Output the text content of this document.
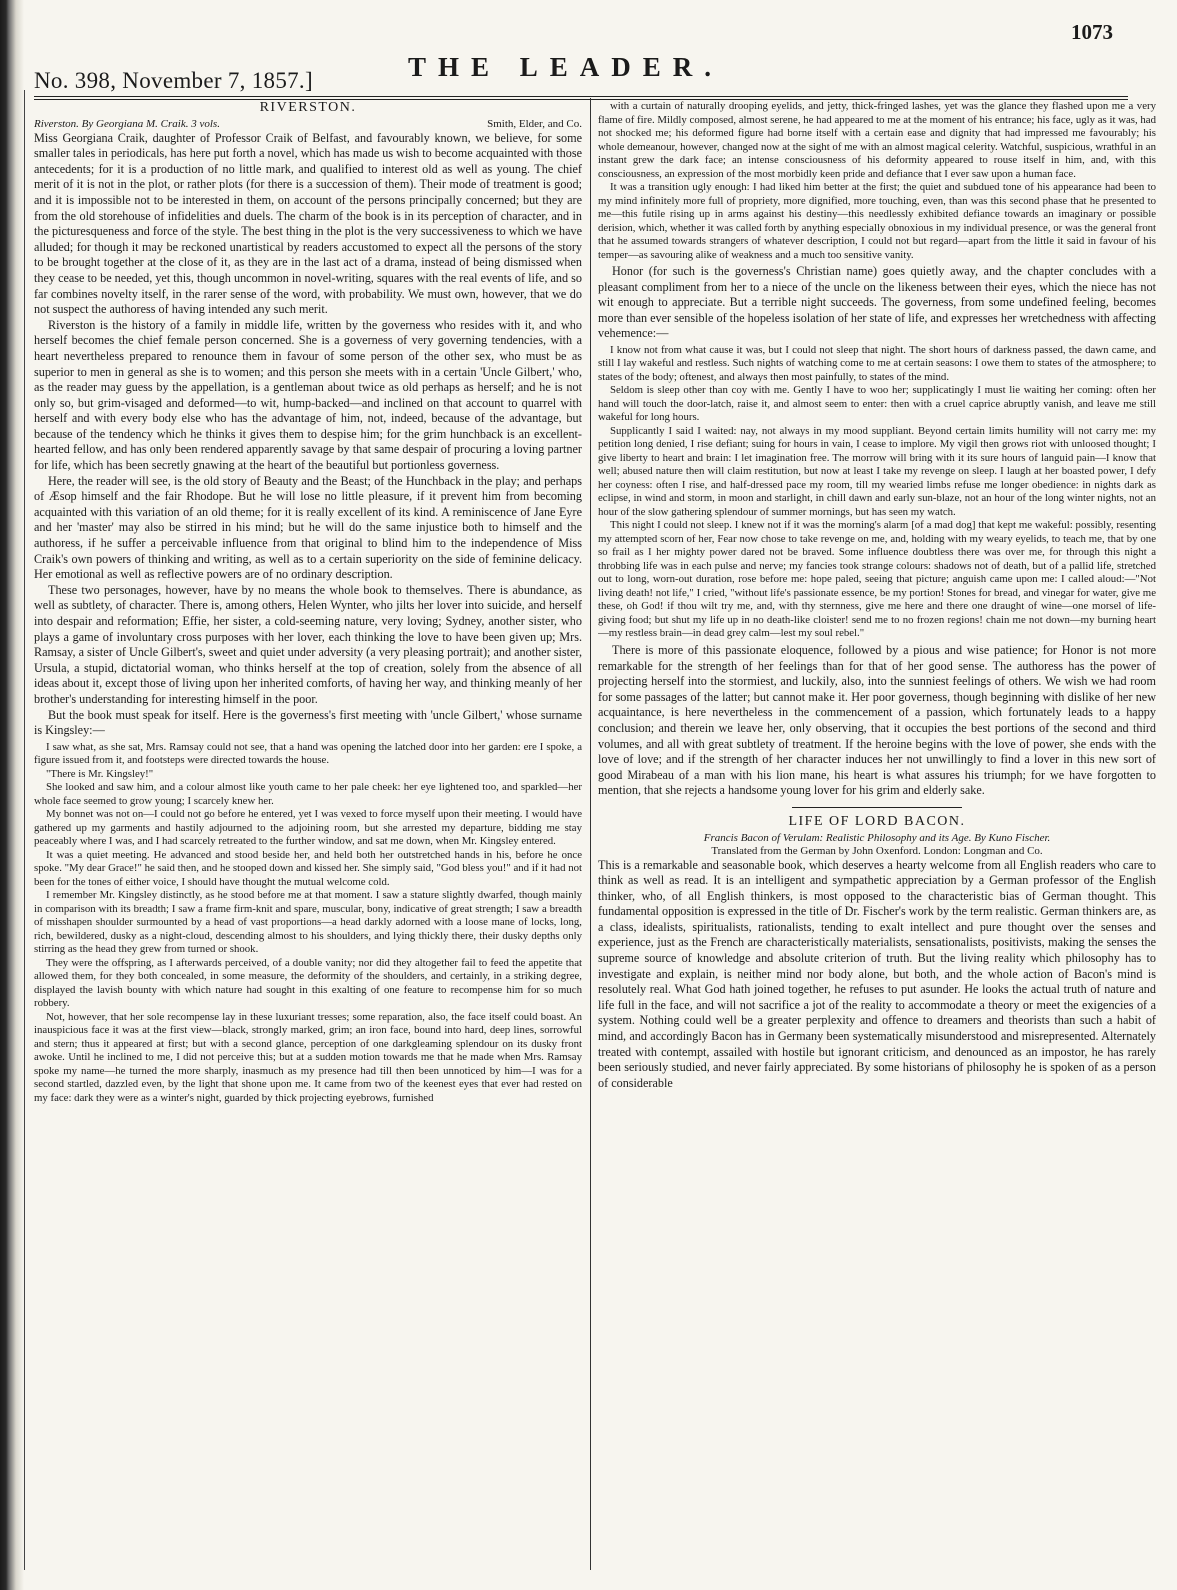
No. 398, November 7, 1857.]	THE LEADER.
1073
RIVERSTON.
Smith, Elder, and Co.
Riverston. By Georgiana M. Craik. 3 vols.

Miss Georgiana Craik, daughter of Professor Craik of Belfast, and favourably known, we believe, for some smaller tales in periodicals, has here put forth a novel, which has made us wish to become acquainted with those antecedents; for it is a production of no little mark, and qualified to interest old as well as young. The chief merit of it is not in the plot, or rather plots (for there is a succession of them). Their mode of treatment is good; and it is impossible not to be interested in them, on account of the persons principally concerned; but they are from the old storehouse of infidelities and duels. The charm of the book is in its perception of character, and in the picturesqueness and force of the style. The best thing in the plot is the very successiveness to which we have alluded; for though it may be reckoned unartistical by readers accustomed to expect all the persons of the story to be brought together at the close of it, as they are in the last act of a drama, instead of being dismissed when they cease to be needed, yet this, though uncommon in novel-writing, squares with the real events of life, and so far combines novelty itself, in the rarer sense of the word, with probability. We must own, however, that we do not suspect the authoress of having intended any such merit.

Riverston is the history of a family in middle life, written by the governess who resides with it, and who herself becomes the chief female person concerned. She is a governess of very governing tendencies, with a heart nevertheless prepared to renounce them in favour of some person of the other sex, who must be as superior to men in general as she is to women; and this person she meets with in a certain 'Uncle Gilbert,' who, as the reader may guess by the appellation, is a gentleman about twice as old perhaps as herself; and he is not only so, but grim-visaged and deformed—to wit, hump-backed—and inclined on that account to quarrel with herself and with every body else who has the advantage of him, not, indeed, because of the advantage, but because of the tendency which he thinks it gives them to despise him; for the grim hunchback is an excellent-hearted fellow, and has only been rendered apparently savage by that same despair of procuring a loving partner for life, which has been secretly gnawing at the heart of the beautiful but portionless governess.

Here, the reader will see, is the old story of Beauty and the Beast; of the Hunchback in the play; and perhaps of Æsop himself and the fair Rhodope. But he will lose no little pleasure, if it prevent him from becoming acquainted with this variation of an old theme; for it is really excellent of its kind. A reminiscence of Jane Eyre and her 'master' may also be stirred in his mind; but he will do the same injustice both to himself and the authoress, if he suffer a perceivable influence from that original to blind him to the independence of Miss Craik's own powers of thinking and writing, as well as to a certain superiority on the side of feminine delicacy. Her emotional as well as reflective powers are of no ordinary description.

These two personages, however, have by no means the whole book to themselves. There is abundance, as well as subtlety, of character. There is, among others, Helen Wynter, who jilts her lover into suicide, and herself into despair and reformation; Effie, her sister, a cold-seeming nature, very loving; Sydney, another sister, who plays a game of involuntary cross purposes with her lover, each thinking the love to have been given up; Mrs. Ramsay, a sister of Uncle Gilbert's, sweet and quiet under adversity (a very pleasing portrait); and another sister, Ursula, a stupid, dictatorial woman, who thinks herself at the top of creation, solely from the absence of all ideas about it, except those of living upon her inherited comforts, of having her way, and thinking meanly of her brother's understanding for interesting himself in the poor.

But the book must speak for itself. Here is the governess's first meeting with 'uncle Gilbert,' whose surname is Kingsley:—

I saw what, as she sat, Mrs. Ramsay could not see, that a hand was opening the latched door into her garden: ere I spoke, a figure issued from it, and footsteps were directed towards the house.

"There is Mr. Kingsley!"

She looked and saw him, and a colour almost like youth came to her pale cheek: her eye lightened too, and sparkled—her whole face seemed to grow young; I scarcely knew her.

My bonnet was not on—I could not go before he entered, yet I was vexed to force myself upon their meeting. I would have gathered up my garments and hastily adjourned to the adjoining room, but she arrested my departure, bidding me stay peaceably where I was, and I had scarcely retreated to the further window, and sat me down, when Mr. Kingsley entered.

It was a quiet meeting. He advanced and stood beside her, and held both her outstretched hands in his, before he once spoke. "My dear Grace!" he said then, and he stooped down and kissed her. She simply said, "God bless you!" and if it had not been for the tones of either voice, I should have thought the mutual welcome cold.

I remember Mr. Kingsley distinctly, as he stood before me at that moment. I saw a stature slightly dwarfed, though mainly in comparison with its breadth; I saw a frame firm-knit and spare, muscular, bony, indicative of great strength; I saw a breadth of misshapen shoulder surmounted by a head of vast proportions—a head darkly adorned with a loose mane of locks, long, rich, bewildered, dusky as a night-cloud, descending almost to his shoulders, and lying thickly there, their dusky depths only stirring as the head they grew from turned or shook.

They were the offspring, as I afterwards perceived, of a double vanity; nor did they altogether fail to feed the appetite that allowed them, for they both concealed, in some measure, the deformity of the shoulders, and certainly, in a striking degree, displayed the lavish bounty with which nature had sought in this exalting of one feature to recompense him for so much robbery.

Not, however, that her sole recompense lay in these luxuriant tresses; some reparation, also, the face itself could boast. An inauspicious face it was at the first view—black, strongly marked, grim; an iron face, bound into hard, deep lines, sorrowful and stern; thus it appeared at first; but with a second glance, perception of one darkgleaming splendour on its dusky front awoke. Until he inclined to me, I did not perceive this; but at a sudden motion towards me that he made when Mrs. Ramsay spoke my name—he turned the more sharply, inasmuch as my presence had till then been unnoticed by him—I was for a second startled, dazzled even, by the light that shone upon me. It came from two of the keenest eyes that ever had rested on my face: dark they were as a winter's night, guarded by thick projecting eyebrows, furnished

with a curtain of naturally drooping eyelids, and jetty, thick-fringed lashes, yet was the glance they flashed upon me a very flame of fire. Mildly composed, almost serene, he had appeared to me at the moment of his entrance; his face, ugly as it was, had not shocked me; his deformed figure had borne itself with a certain ease and dignity that had impressed me favourably; his whole demeanour, however, changed now at the sight of me with an almost magical celerity. Watchful, suspicious, wrathful in an instant grew the dark face; an intense consciousness of his deformity appeared to rouse itself in him, and, with this consciousness, an expression of the most morbidly keen pride and defiance that I ever saw upon a human face.

It was a transition ugly enough: I had liked him better at the first; the quiet and subdued tone of his appearance had been to my mind infinitely more full of propriety, more dignified, more touching, even, than was this second phase that he presented to me—this futile rising up in arms against his destiny—this needlessly exhibited defiance towards an imaginary or possible derision, which, whether it was called forth by anything especially obnoxious in my individual presence, or was the general front that he assumed towards strangers of whatever description, I could not but regard—apart from the little it said in favour of his temper—as savouring alike of weakness and a much too sensitive vanity.

Honor (for such is the governess's Christian name) goes quietly away, and the chapter concludes with a pleasant compliment from her to a niece of the uncle on the likeness between their eyes, which the niece has not wit enough to appreciate. But a terrible night succeeds. The governess, from some undefined feeling, becomes more than ever sensible of the hopeless isolation of her state of life, and expresses her wretchedness with affecting vehemence:—

I know not from what cause it was, but I could not sleep that night. The short hours of darkness passed, the dawn came, and still I lay wakeful and restless. Such nights of watching come to me at certain seasons: I owe them to states of the atmosphere; to states of the body; oftenest, and always then most painfully, to states of the mind.

Seldom is sleep other than coy with me. Gently I have to woo her; supplicatingly I must lie waiting her coming: often her hand will touch the door-latch, raise it, and almost seem to enter: then with a cruel caprice abruptly vanish, and leave me still wakeful for long hours.

Supplicantly I said I waited: nay, not always in my mood suppliant. Beyond certain limits humility will not carry me: my petition long denied, I rise defiant; suing for hours in vain, I cease to implore. My vigil then grows riot with unloosed thought; I give liberty to heart and brain: I let imagination free. The morrow will bring with it its sure hours of languid pain—I know that well; abused nature then will claim restitution, but now at least I take my revenge on sleep. I laugh at her boasted power, I defy her coyness: often I rise, and half-dressed pace my room, till my wearied limbs refuse me longer obedience: in nights dark as eclipse, in wind and storm, in moon and starlight, in chill dawn and early sun-blaze, not an hour of the long winter nights, not an hour of the slow gathering splendour of summer mornings, but has seen my watch.

This night I could not sleep. I knew not if it was the morning's alarm [of a mad dog] that kept me wakeful: possibly, resenting my attempted scorn of her, Fear now chose to take revenge on me, and, holding with my weary eyelids, to teach me, that by one so frail as I her mighty power dared not be braved. Some influence doubtless there was over me, for through this night a throbbing life was in each pulse and nerve; my fancies took strange colours: shadows not of death, but of a pallid life, stretched out to long, worn-out duration, rose before me: hope paled, seeing that picture; anguish came upon me: I called aloud:—"Not living death! not life," I cried, "without life's passionate essence, be my portion! Stones for bread, and vinegar for water, give me these, oh God! if thou wilt try me, and, with thy sternness, give me here and there one draught of wine—one morsel of life-giving food; but shut my life up in no death-like cloister! send me to no frozen regions! chain me not down—my burning heart—my restless brain—in dead grey calm—lest my soul rebel."

There is more of this passionate eloquence, followed by a pious and wise patience; for Honor is not more remarkable for the strength of her feelings than for that of her good sense. The authoress has the power of projecting herself into the stormiest, and luckily, also, into the sunniest feelings of others. We wish we had room for some passages of the latter; but cannot make it. Her poor governess, though beginning with dislike of her new acquaintance, is here nevertheless in the commencement of a passion, which fortunately leads to a happy conclusion; and therein we leave her, only observing, that it occupies the best portions of the second and third volumes, and all with great subtlety of treatment. If the heroine begins with the love of power, she ends with the love of love; and if the strength of her character induces her not unwillingly to find a lover in this new sort of good Mirabeau of a man with his lion mane, his heart is what assures his triumph; for we have forgotten to mention, that she rejects a handsome young lover for his grim and elderly sake.

LIFE OF LORD BACON.
Francis Bacon of Verulam: Realistic Philosophy and its Age. By Kuno Fischer.
Translated from the German by John Oxenford. London: Longman and Co.

This is a remarkable and seasonable book, which deserves a hearty welcome from all English readers who care to think as well as read. It is an intelligent and sympathetic appreciation by a German professor of the English thinker, who, of all English thinkers, is most opposed to the characteristic bias of German thought. This fundamental opposition is expressed in the title of Dr. Fischer's work by the term realistic. German thinkers are, as a class, idealists, spiritualists, rationalists, tending to exalt intellect and pure thought over the senses and experience, just as the French are characteristically materialists, sensationalists, positivists, making the senses the supreme source of knowledge and absolute criterion of truth. But the living reality which philosophy has to investigate and explain, is neither mind nor body alone, but both, and the whole action of Bacon's mind is resolutely real. What God hath joined together, he refuses to put asunder. He looks the actual truth of nature and life full in the face, and will not sacrifice a jot of the reality to accommodate a theory or meet the exigencies of a system. Nothing could well be a greater perplexity and offence to dreamers and theorists than such a habit of mind, and accordingly Bacon has in Germany been systematically misunderstood and misrepresented. Alternately treated with contempt, assailed with hostile but ignorant criticism, and denounced as an impostor, he has rarely been seriously studied, and never fairly appreciated. By some historians of philosophy he is spoken of as a person of considerable
